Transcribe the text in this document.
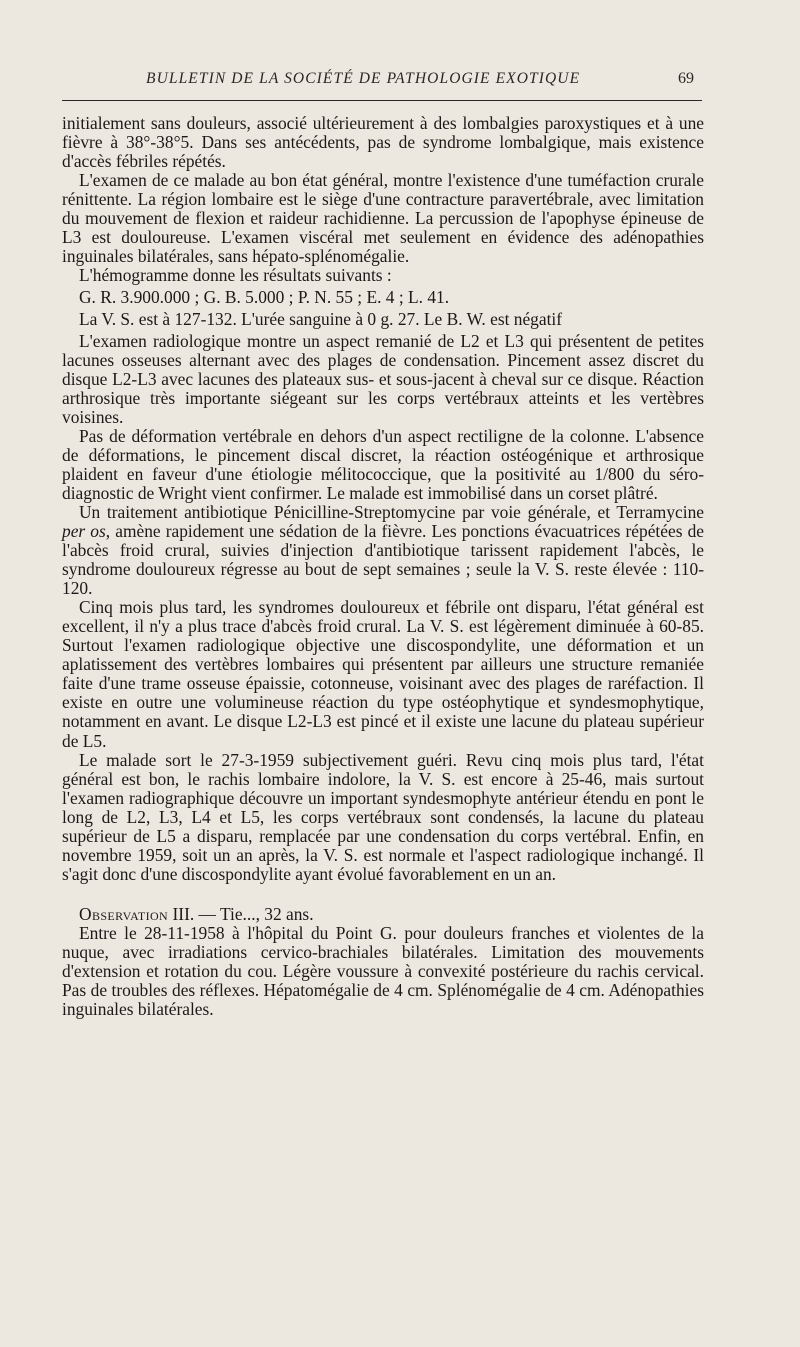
BULLETIN DE LA SOCIÉTÉ DE PATHOLOGIE EXOTIQUE	69

initialement sans douleurs, associé ultérieurement à des lombalgies paroxystiques et à une fièvre à 38°-38°5. Dans ses antécédents, pas de syndrome lombalgique, mais existence d'accès fébriles répétés.

L'examen de ce malade au bon état général, montre l'existence d'une tuméfaction crurale rénittente. La région lombaire est le siège d'une contracture paravertébrale, avec limitation du mouvement de flexion et raideur rachidienne. La percussion de l'apophyse épineuse de L3 est douloureuse. L'examen viscéral met seulement en évidence des adénopathies inguinales bilatérales, sans hépato-splénomégalie.

L'hémogramme donne les résultats suivants :

G. R. 3.900.000 ; G. B. 5.000 ; P. N. 55 ; E. 4 ; L. 41.

La V. S. est à 127-132. L'urée sanguine à 0 g. 27. Le B. W. est négatif

L'examen radiologique montre un aspect remanié de L2 et L3 qui présentent de petites lacunes osseuses alternant avec des plages de condensation. Pincement assez discret du disque L2-L3 avec lacunes des plateaux sus- et sous-jacent à cheval sur ce disque. Réaction arthrosique très importante siégeant sur les corps vertébraux atteints et les vertèbres voisines.

Pas de déformation vertébrale en dehors d'un aspect rectiligne de la colonne. L'absence de déformations, le pincement discal discret, la réaction ostéogénique et arthrosique plaident en faveur d'une étiologie mélitococcique, que la positivité au 1/800 du séro-diagnostic de Wright vient confirmer. Le malade est immobilisé dans un corset plâtré.

Un traitement antibiotique Pénicilline-Streptomycine par voie générale, et Terramycine per os, amène rapidement une sédation de la fièvre. Les ponctions évacuatrices répétées de l'abcès froid crural, suivies d'injection d'antibiotique tarissent rapidement l'abcès, le syndrome douloureux régresse au bout de sept semaines ; seule la V. S. reste élevée : 110-120.

Cinq mois plus tard, les syndromes douloureux et fébrile ont disparu, l'état général est excellent, il n'y a plus trace d'abcès froid crural. La V. S. est légèrement diminuée à 60-85. Surtout l'examen radiologique objective une discospondylite, une déformation et un aplatissement des vertèbres lombaires qui présentent par ailleurs une structure remaniée faite d'une trame osseuse épaissie, cotonneuse, voisinant avec des plages de raréfaction. Il existe en outre une volumineuse réaction du type ostéophytique et syndesmophytique, notamment en avant. Le disque L2-L3 est pincé et il existe une lacune du plateau supérieur de L5.

Le malade sort le 27-3-1959 subjectivement guéri. Revu cinq mois plus tard, l'état général est bon, le rachis lombaire indolore, la V. S. est encore à 25-46, mais surtout l'examen radiographique découvre un important syndesmophyte antérieur étendu en pont le long de L2, L3, L4 et L5, les corps vertébraux sont condensés, la lacune du plateau supérieur de L5 a disparu, remplacée par une condensation du corps vertébral. Enfin, en novembre 1959, soit un an après, la V. S. est normale et l'aspect radiologique inchangé. Il s'agit donc d'une discospondylite ayant évolué favorablement en un an.

Observation III. — Tie..., 32 ans.

Entre le 28-11-1958 à l'hôpital du Point G. pour douleurs franches et violentes de la nuque, avec irradiations cervico-brachiales bilatérales. Limitation des mouvements d'extension et rotation du cou. Légère voussure à convexité postérieure du rachis cervical. Pas de troubles des réflexes. Hépatomégalie de 4 cm. Splénomégalie de 4 cm. Adénopathies inguinales bilatérales.
